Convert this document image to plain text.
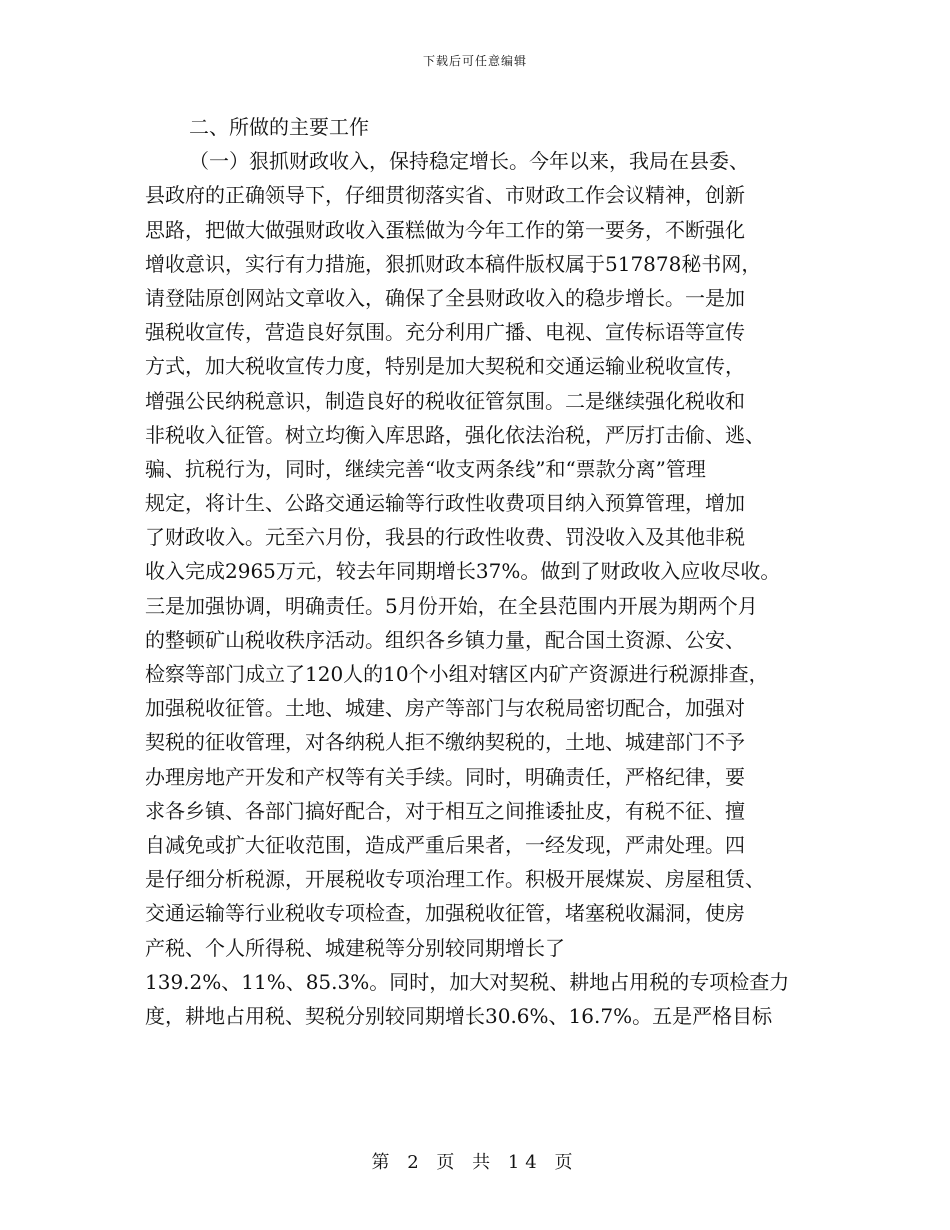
下载后可任意编辑
二、所做的主要工作
（一）狠抓财政收入，保持稳定增长。今年以来，我局在县委、
县政府的正确领导下，仔细贯彻落实省、市财政工作会议精神，创新
思路，把做大做强财政收入蛋糕做为今年工作的第一要务，不断强化
增收意识，实行有力措施，狠抓财政本稿件版权属于517878秘书网，
请登陆原创网站文章收入，确保了全县财政收入的稳步增长。一是加
强税收宣传，营造良好氛围。充分利用广播、电视、宣传标语等宣传
方式，加大税收宣传力度，特别是加大契税和交通运输业税收宣传，
增强公民纳税意识，制造良好的税收征管氛围。二是继续强化税收和
非税收入征管。树立均衡入库思路，强化依法治税，严厉打击偷、逃、
骗、抗税行为，同时，继续完善“收支两条线”和“票款分离”管理
规定，将计生、公路交通运输等行政性收费项目纳入预算管理，增加
了财政收入。元至六月份，我县的行政性收费、罚没收入及其他非税
收入完成2965万元，较去年同期增长37%。做到了财政收入应收尽收。
三是加强协调，明确责任。5月份开始，在全县范围内开展为期两个月
的整顿矿山税收秩序活动。组织各乡镇力量，配合国土资源、公安、
检察等部门成立了120人的10个小组对辖区内矿产资源进行税源排查，
加强税收征管。土地、城建、房产等部门与农税局密切配合，加强对
契税的征收管理，对各纳税人拒不缴纳契税的，土地、城建部门不予
办理房地产开发和产权等有关手续。同时，明确责任，严格纪律，要
求各乡镇、各部门搞好配合，对于相互之间推诿扯皮，有税不征、擅
自减免或扩大征收范围，造成严重后果者，一经发现，严肃处理。四
是仔细分析税源，开展税收专项治理工作。积极开展煤炭、房屋租赁、
交通运输等行业税收专项检查，加强税收征管，堵塞税收漏洞，使房
产税、个人所得税、城建税等分别较同期增长了
139.2%、11%、85.3%。同时，加大对契税、耕地占用税的专项检查力
度，耕地占用税、契税分别较同期增长30.6%、16.7%。五是严格目标
第 2 页 共 14 页
